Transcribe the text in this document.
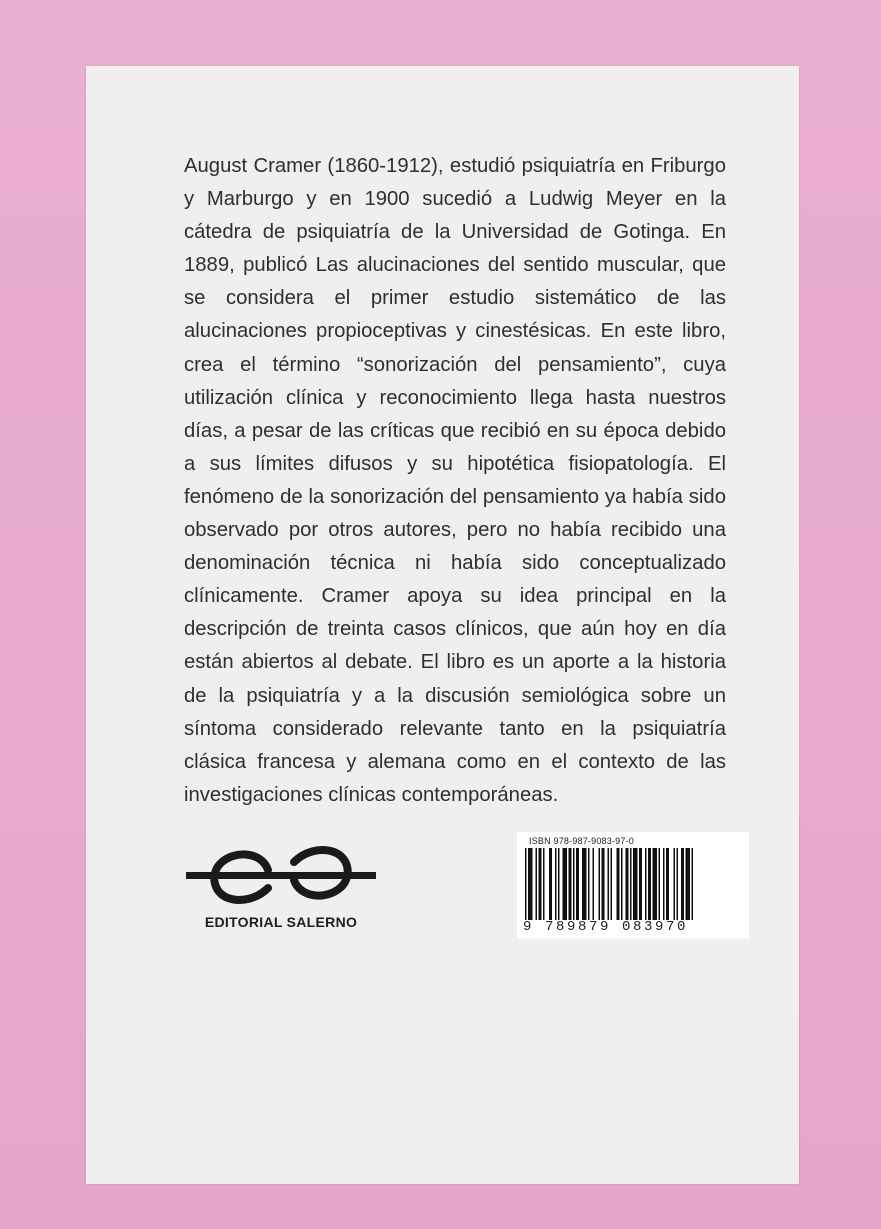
August Cramer (1860-1912), estudió psiquiatría en Friburgo y Marburgo y en 1900 sucedió a Ludwig Meyer en la cátedra de psiquiatría de la Universidad de Gotinga. En 1889, publicó Las alucinaciones del sentido muscular, que se considera el primer estudio sistemático de las alucinaciones propioceptivas y cinestésicas. En este libro, crea el término “sonorización del pensamiento”, cuya utilización clínica y reconocimiento llega hasta nuestros días, a pesar de las críticas que recibió en su época debido a sus límites difusos y su hipotética fisiopatología. El fenómeno de la sonorización del pensamiento ya había sido observado por otros autores, pero no había recibido una denominación técnica ni había sido conceptualizado clínicamente. Cramer apoya su idea principal en la descripción de treinta casos clínicos, que aún hoy en día están abiertos al debate. El libro es un aporte a la historia de la psiquiatría y a la discusión semiológica sobre un síntoma considerado relevante tanto en la psiquiatría clásica francesa y alemana como en el contexto de las investigaciones clínicas contemporáneas.

EDITORIAL SALERNO
ISBN 978-987-9083-97-0
9 789879 083970
